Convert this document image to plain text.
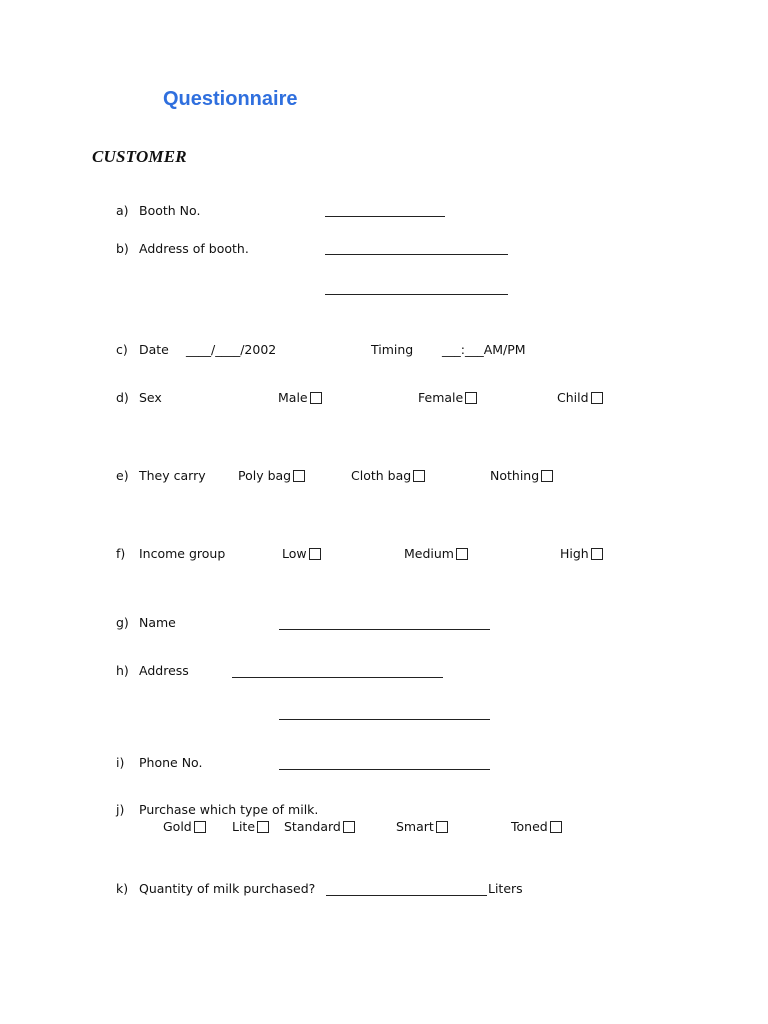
Questionnaire
CUSTOMER
a) Booth No.
b) Address of booth.
c) Date ____/____/2002	Timing ___:___AM/PM
d) Sex	Male	Female	Child
e) They carry	Poly bag	Cloth bag	Nothing
f) Income group	Low	Medium	High
g) Name
h) Address
i) Phone No.
j) Purchase which type of milk.
Gold	Lite	Standard	Smart	Toned
k) Quantity of milk purchased?	Liters
